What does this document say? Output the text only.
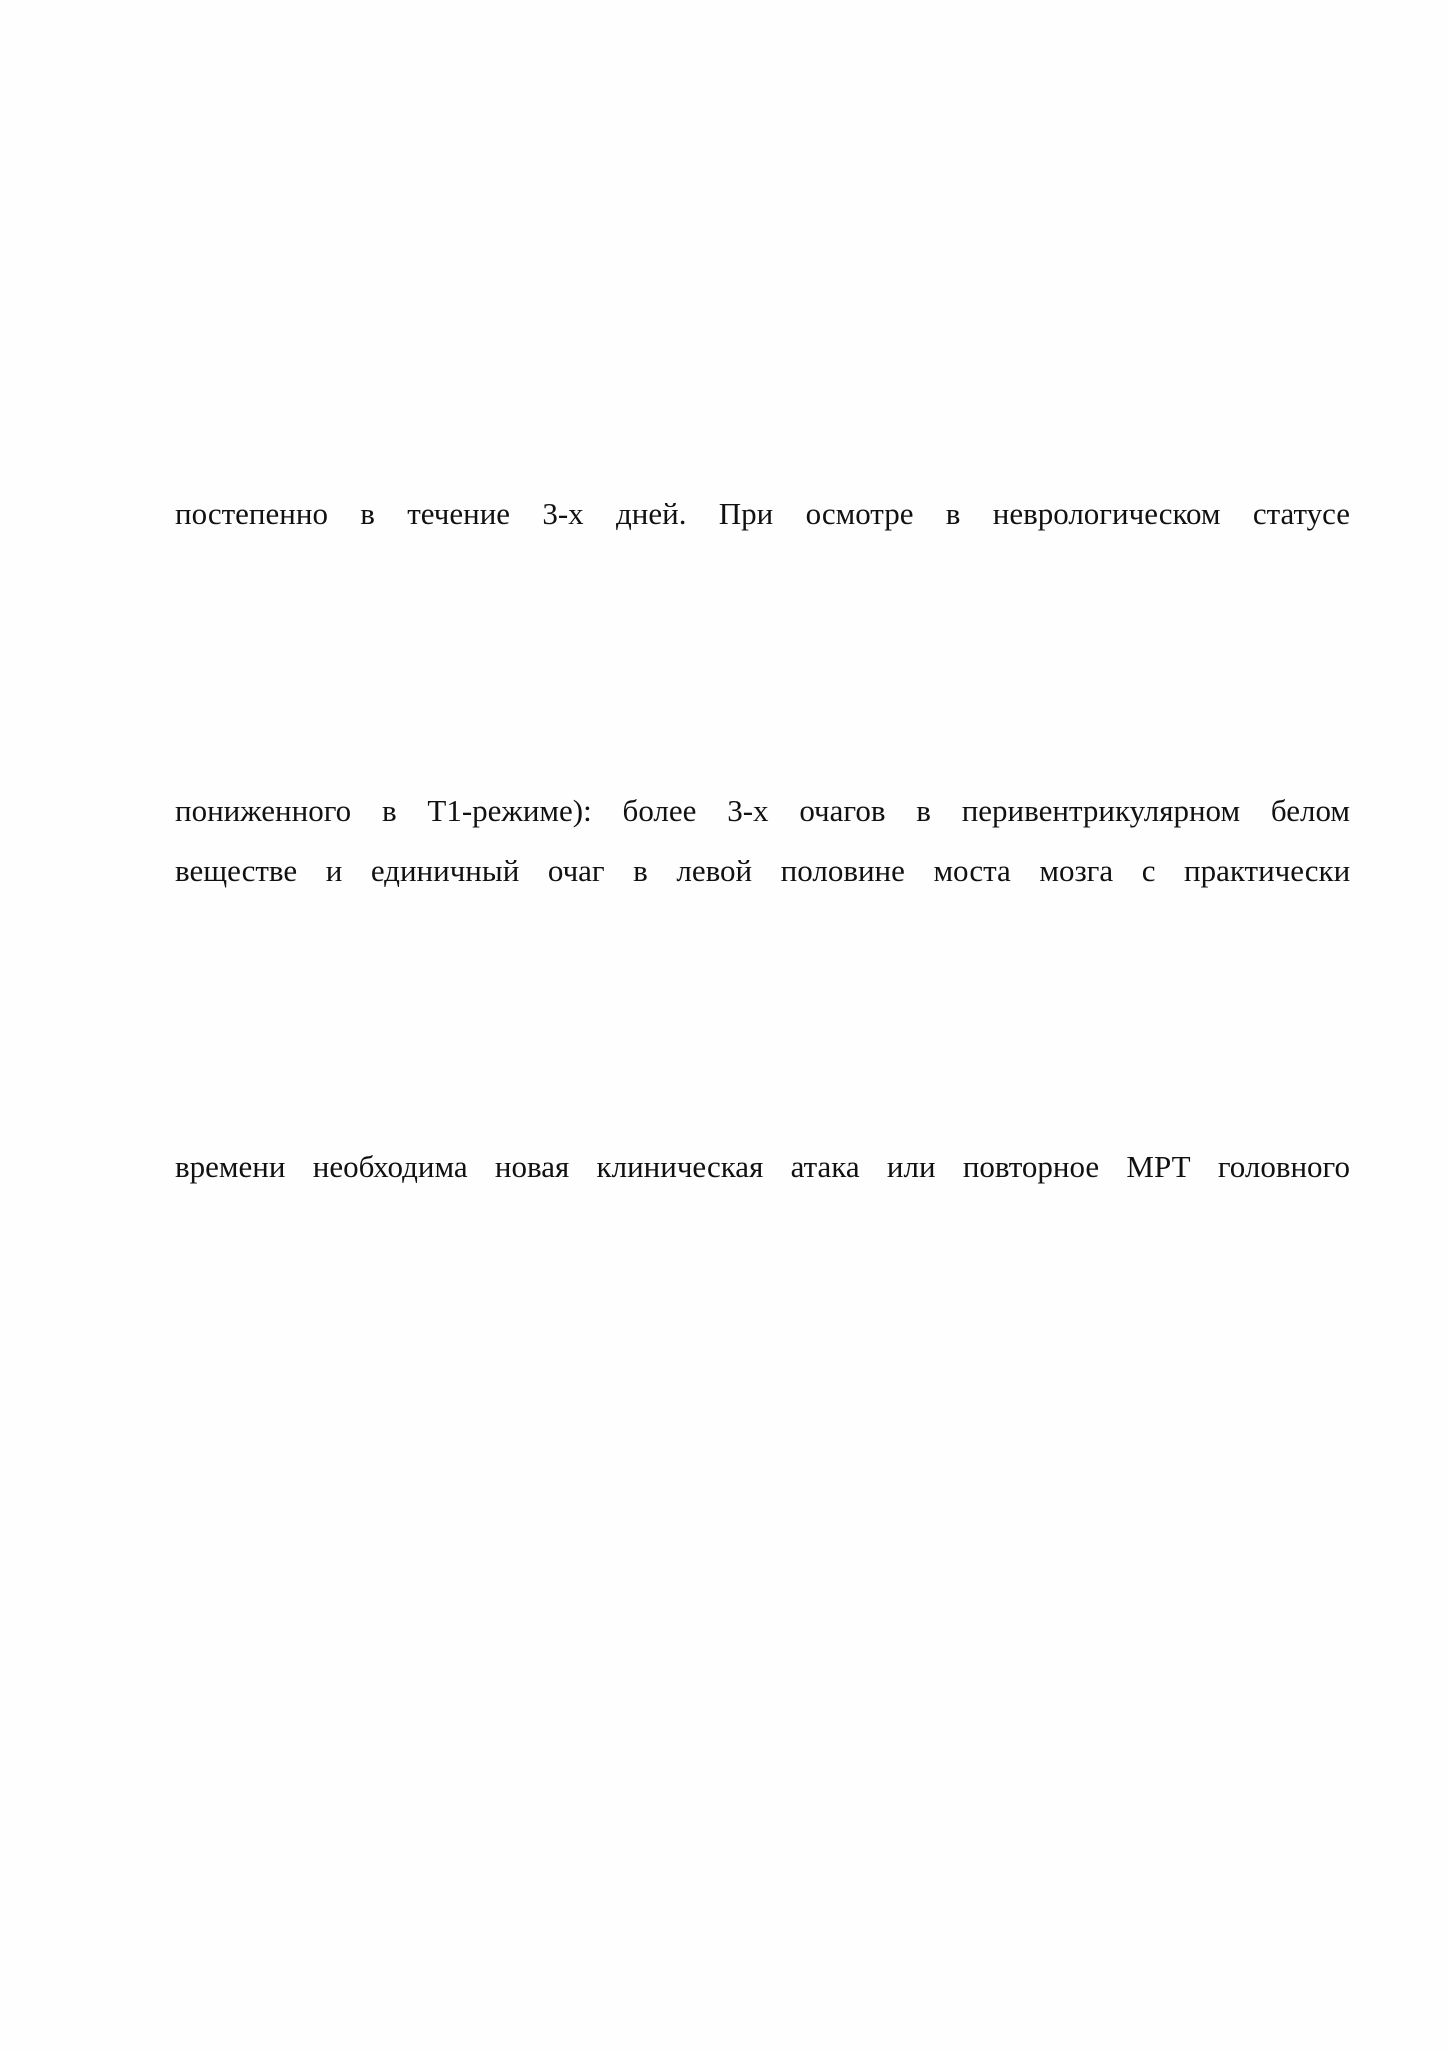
постепенно в течение 3-х дней. При осмотре в неврологическом статусе
пониженного в Т1-режиме): более 3-х очагов в перивентрикулярном белом
веществе и единичный очаг в левой половине моста мозга с практически
времени необходима новая клиническая атака или повторное МРТ головного
